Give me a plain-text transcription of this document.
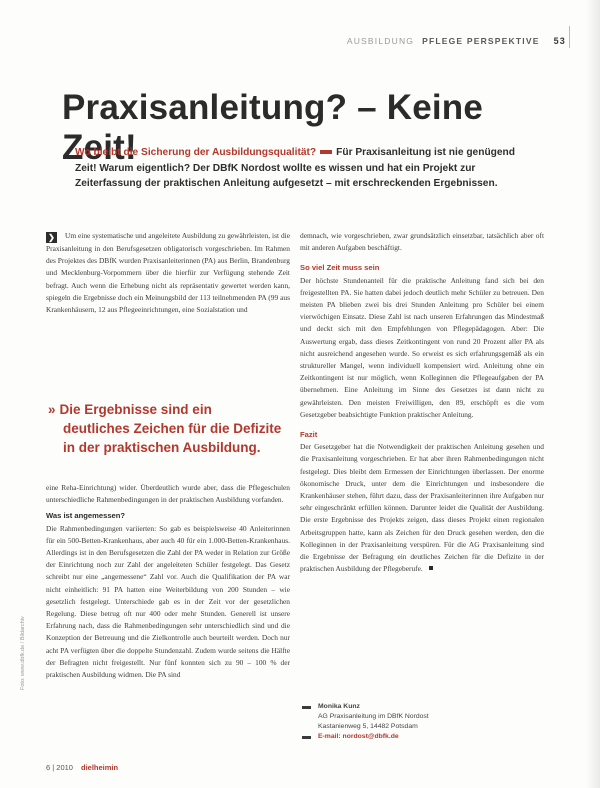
AUSBILDUNG PFLEGE PERSPEKTIVE 53
Praxisanleitung? – Keine Zeit!
Wo bleibt die Sicherung der Ausbildungsqualität? Für Praxisanleitung ist nie genügend Zeit! Warum eigentlich? Der DBfK Nordost wollte es wissen und hat ein Projekt zur Zeiterfassung der praktischen Anleitung aufgesetzt – mit erschreckenden Ergebnissen.

❯ Um eine systematische und angeleitete Ausbildung zu gewährleisten, ist die Praxisanleitung in den Berufsgesetzen obligatorisch vorgeschrieben. Im Rahmen des Projektes des DBfK wurden Praxisanleiterinnen (PA) aus Berlin, Brandenburg und Mecklenburg-Vorpommern über die hierfür zur Verfügung stehende Zeit befragt. Auch wenn die Erhebung nicht als repräsentativ gewertet werden kann, spiegeln die Ergebnisse doch ein Meinungsbild der 113 teilnehmenden PA (99 aus Krankenhäusern, 12 aus Pflegeeinrichtungen, eine Sozialstation und

» Die Ergebnisse sind ein
deutliches Zeichen für die Defizite
in der praktischen Ausbildung.

eine Reha-Einrichtung) wider. Überdeutlich wurde aber, dass die Pflegeschulen unterschiedliche Rahmenbedingungen in der praktischen Ausbildung vorfanden.

Was ist angemessen?

Die Rahmenbedingungen variierten: So gab es beispielsweise 40 Anleiterinnen für ein 500-Betten-Krankenhaus, aber auch 40 für ein 1.000-Betten-Krankenhaus. Allerdings ist in den Berufsgesetzen die Zahl der PA weder in Relation zur Größe der Einrichtung noch zur Zahl der angeleiteten Schüler festgelegt. Das Gesetz schreibt nur eine „angemessene“ Zahl vor. Auch die Qualifikation der PA war nicht einheitlich: 91 PA hatten eine Weiterbildung von 200 Stunden – wie gesetzlich festgelegt. Unterschiede gab es in der Zeit vor der gesetzlichen Regelung. Diese betrug oft nur 400 oder mehr Stunden. Generell ist unsere Erfahrung nach, dass die Rahmenbedingungen sehr unterschiedlich sind und die Konzeption der Betreuung und die Zielkontrolle auch beurteilt werden. Doch nur acht PA verfügten über die doppelte Stundenzahl. Zudem wurde seitens die Hälfte der Befragten nicht freigestellt. Nur fünf konnten sich zu 90 – 100 % der praktischen Ausbildung widmen. Die PA sind

demnach, wie vorgeschrieben, zwar grundsätzlich einsetzbar, tatsächlich aber oft mit anderen Aufgaben beschäftigt.

So viel Zeit muss sein

Der höchste Stundenanteil für die praktische Anleitung fand sich bei den freigestellten PA. Sie hatten dabei jedoch deutlich mehr Schüler zu betreuen. Den meisten PA blieben zwei bis drei Stunden Anleitung pro Schüler bei einem vierwöchigen Einsatz. Diese Zahl ist nach unseren Erfahrungen das Mindestmaß und deckt sich mit den Empfehlungen von Pflegepädagogen. Aber: Die Auswertung ergab, dass dieses Zeitkontingent von rund 20 Prozent aller PA als nicht ausreichend angesehen wurde. So erweist es sich erfahrungsgemäß als ein struktureller Mangel, wenn individuell kompensiert wird. Anleitung ohne ein Zeitkontingent ist nur möglich, wenn Kolleginnen die Pflegeaufgaben der PA übernehmen. Eine Anleitung im Sinne des Gesetzes ist dann nicht zu gewährleisten. Den meisten Freiwilligen, den 89, erschöpft es die vom Gesetzgeber beabsichtigte Funktion praktischer Anleitung.

Fazit

Der Gesetzgeber hat die Notwendigkeit der praktischen Anleitung gesehen und die Praxisanleitung vorgeschrieben. Er hat aber ihren Rahmenbedingungen nicht festgelegt. Dies bleibt dem Ermessen der Einrichtungen überlassen. Der enorme ökonomische Druck, unter dem die Einrichtungen und insbesondere die Krankenhäuser stehen, führt dazu, dass der Praxisanleiterinnen ihre Aufgaben nur sehr eingeschränkt erfüllen können. Darunter leidet die Qualität der Ausbildung. Die erste Ergebnisse des Projekts zeigen, dass dieses Projekt einen regionalen Arbeitsgruppen hatte, kann als Zeichen für den Druck gesehen werden, den die Kolleginnen in der Praxisanleitung verspüren. Für die AG Praxisanleitung sind die Ergebnisse der Befragung ein deutliches Zeichen für die Defizite in der praktischen Ausbildung der Pflegeberufe.

Monika Kunz
AG Praxisanleitung im DBfK Nordost
Kastanienweg 5, 14482 Potsdam
E-mail: nordost@dbfk.de
Foto: www.dbfk.de / Bildarchiv
6 | 2010 dielheimin
